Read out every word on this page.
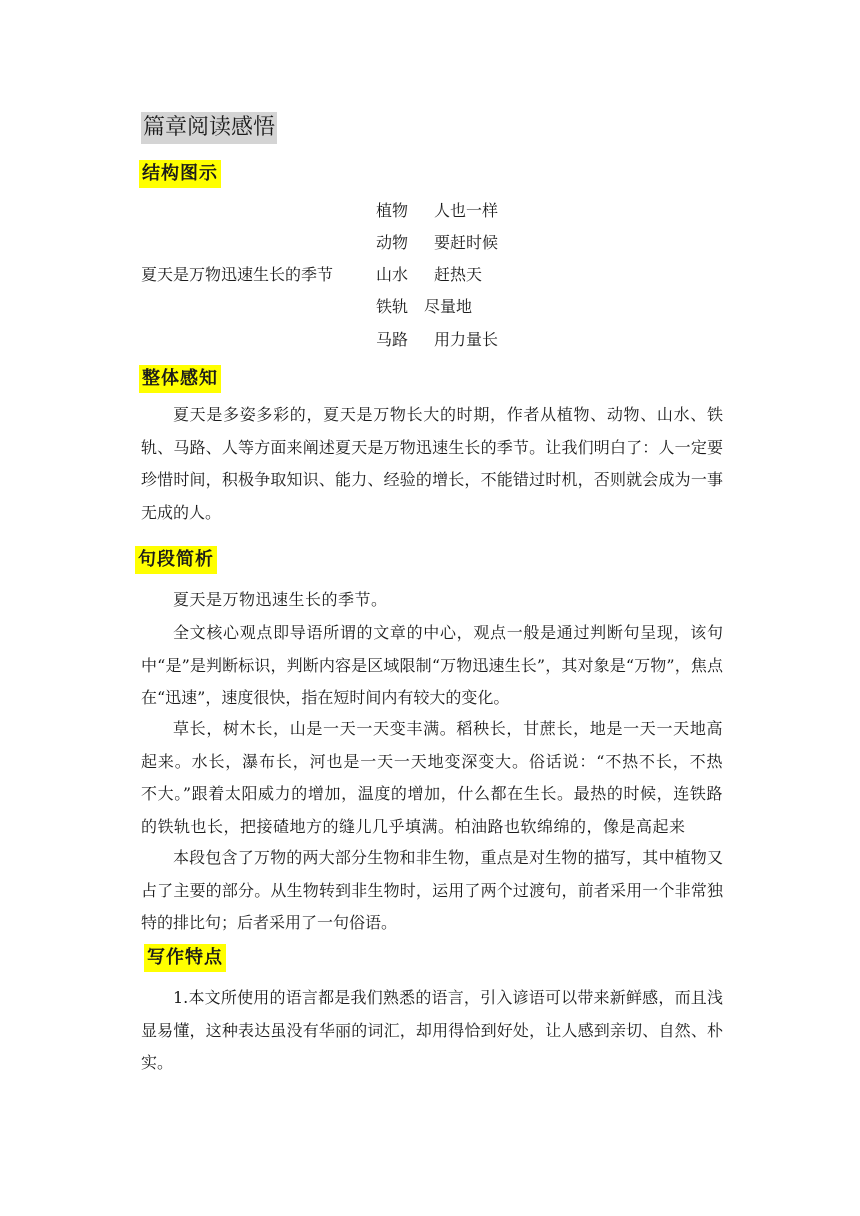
篇章阅读感悟
结构图示
植物 人也一样
动物 要赶时候
夏天是万物迅速生长的季节	山水 赶热天
铁轨 尽量地
马路 用力量长
整体感知

夏天是多姿多彩的，夏天是万物长大的时期，作者从植物、动物、山水、铁轨、马路、人等方面来阐述夏天是万物迅速生长的季节。让我们明白了：人一定要珍惜时间，积极争取知识、能力、经验的增长，不能错过时机，否则就会成为一事无成的人。

句段简析

夏天是万物迅速生长的季节。

全文核心观点即导语所谓的文章的中心，观点一般是通过判断句呈现，该句中“是”是判断标识，判断内容是区域限制“万物迅速生长”，其对象是“万物”，焦点在“迅速”，速度很快，指在短时间内有较大的变化。

草长，树木长，山是一天一天变丰满。稻秧长，甘蔗长，地是一天一天地高起来。水长，瀑布长，河也是一天一天地变深变大。俗话说：“不热不长，不热不大。”跟着太阳威力的增加，温度的增加，什么都在生长。最热的时候，连铁路的铁轨也长，把接碴地方的缝儿几乎填满。柏油路也软绵绵的，像是高起来

本段包含了万物的两大部分生物和非生物，重点是对生物的描写，其中植物又占了主要的部分。从生物转到非生物时，运用了两个过渡句，前者采用一个非常独特的排比句；后者采用了一句俗语。

写作特点

1.本文所使用的语言都是我们熟悉的语言，引入谚语可以带来新鲜感，而且浅显易懂，这种表达虽没有华丽的词汇，却用得恰到好处，让人感到亲切、自然、朴实。
